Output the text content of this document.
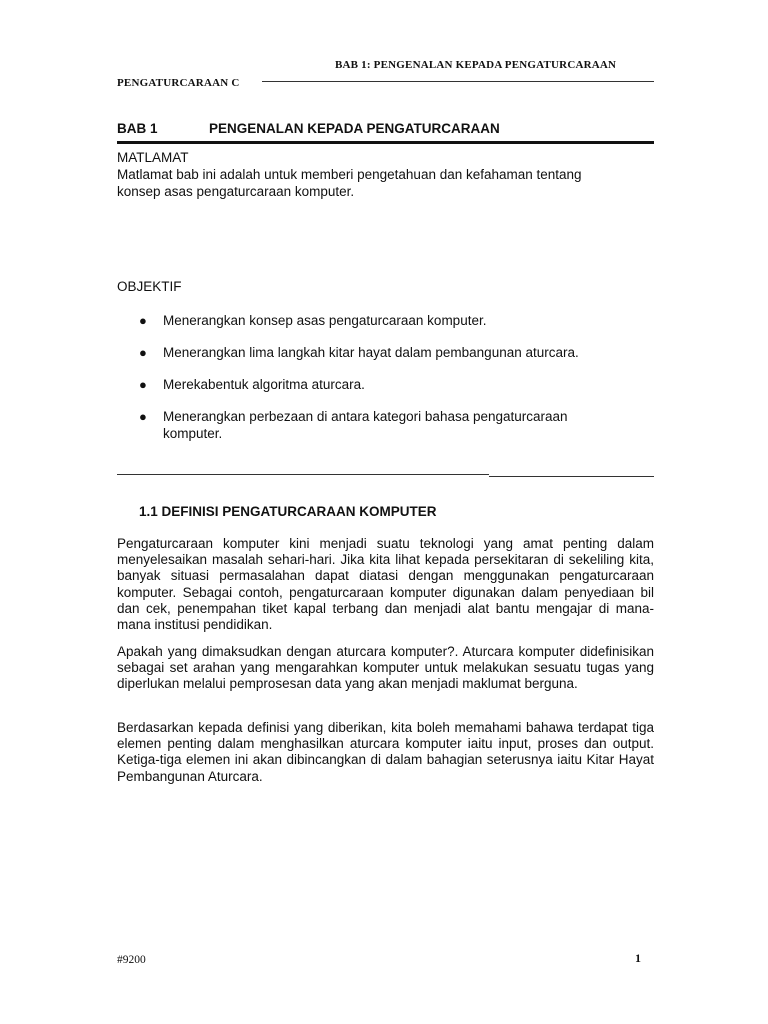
BAB 1: PENGENALAN KEPADA PENGATURCARAAN
PENGATURCARAAN C
BAB 1	PENGENALAN KEPADA PENGATURCARAAN
MATLAMAT
Matlamat bab ini adalah untuk memberi pengetahuan dan kefahaman tentang konsep asas pengaturcaraan komputer.
OBJEKTIF
● Menerangkan konsep asas pengaturcaraan komputer.
● Menerangkan lima langkah kitar hayat dalam pembangunan aturcara.
● Merekabentuk algoritma aturcara.
● Menerangkan perbezaan di antara kategori bahasa pengaturcaraan komputer.
1.1 DEFINISI PENGATURCARAAN KOMPUTER

Pengaturcaraan komputer kini menjadi suatu teknologi yang amat penting dalam menyelesaikan masalah sehari-hari. Jika kita lihat kepada persekitaran di sekeliling kita, banyak situasi permasalahan dapat diatasi dengan menggunakan pengaturcaraan komputer. Sebagai contoh, pengaturcaraan komputer digunakan dalam penyediaan bil dan cek, penempahan tiket kapal terbang dan menjadi alat bantu mengajar di mana-mana institusi pendidikan.

Apakah yang dimaksudkan dengan aturcara komputer?. Aturcara komputer didefinisikan sebagai set arahan yang mengarahkan komputer untuk melakukan sesuatu tugas yang diperlukan melalui pemprosesan data yang akan menjadi maklumat berguna.

Berdasarkan kepada definisi yang diberikan, kita boleh memahami bahawa terdapat tiga elemen penting dalam menghasilkan aturcara komputer iaitu input, proses dan output. Ketiga-tiga elemen ini akan dibincangkan di dalam bahagian seterusnya iaitu Kitar Hayat Pembangunan Aturcara.

#9200	1
